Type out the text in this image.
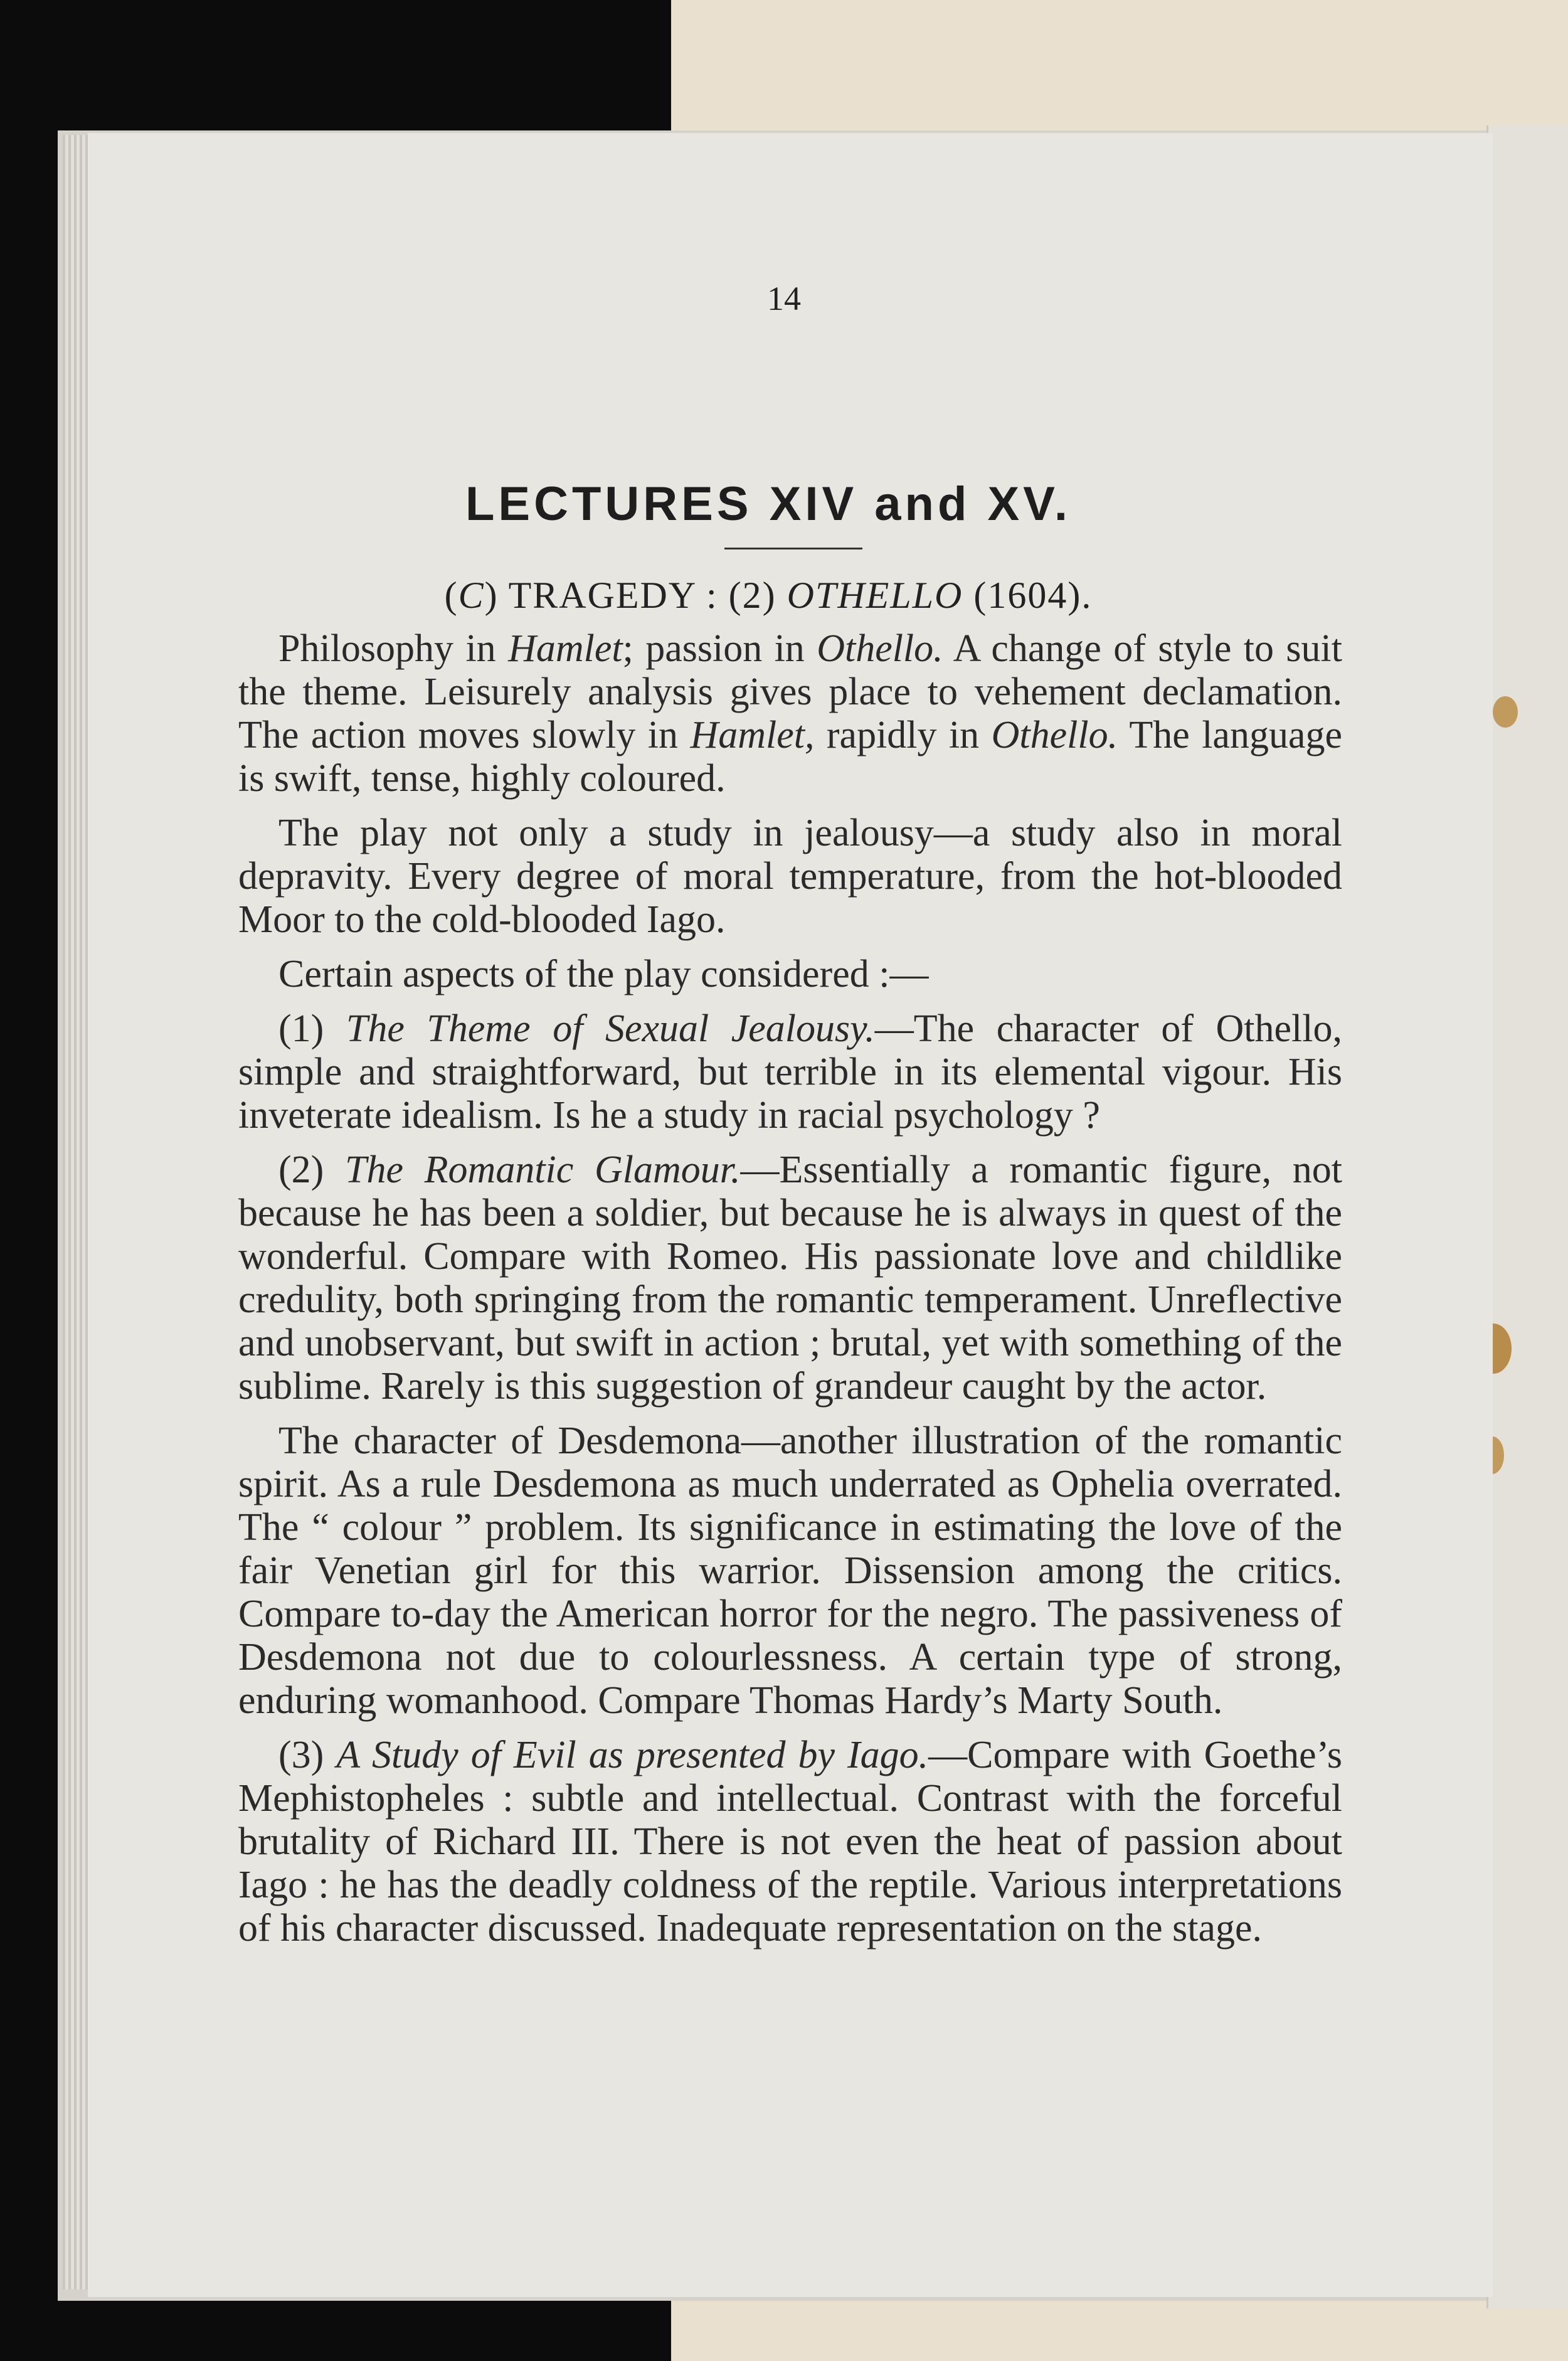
14
LECTURES XIV and XV.
(C) TRAGEDY : (2) OTHELLO (1604).

Philosophy in Hamlet; passion in Othello. A change of style to suit the theme. Leisurely analysis gives place to vehement declamation. The action moves slowly in Hamlet, rapidly in Othello. The language is swift, tense, highly coloured.

The play not only a study in jealousy—a study also in moral depravity. Every degree of moral temperature, from the hot-blooded Moor to the cold-blooded Iago.

Certain aspects of the play considered :—

(1) The Theme of Sexual Jealousy.—The character of Othello, simple and straightforward, but terrible in its elemental vigour. His inveterate idealism. Is he a study in racial psychology ?

(2) The Romantic Glamour.—Essentially a romantic figure, not because he has been a soldier, but because he is always in quest of the wonderful. Compare with Romeo. His passionate love and childlike credulity, both springing from the romantic temperament. Unreflective and unobservant, but swift in action ; brutal, yet with something of the sublime. Rarely is this suggestion of grandeur caught by the actor.

The character of Desdemona—another illustration of the romantic spirit. As a rule Desdemona as much underrated as Ophelia overrated. The “ colour ” problem. Its significance in estimating the love of the fair Venetian girl for this warrior. Dissension among the critics. Compare to-day the American horror for the negro. The passiveness of Desdemona not due to colourlessness. A certain type of strong, enduring womanhood. Compare Thomas Hardy’s Marty South.

(3) A Study of Evil as presented by Iago.—Compare with Goethe’s Mephistopheles : subtle and intellectual. Contrast with the forceful brutality of Richard III. There is not even the heat of passion about Iago : he has the deadly coldness of the reptile. Various interpretations of his character discussed. Inadequate representation on the stage.
